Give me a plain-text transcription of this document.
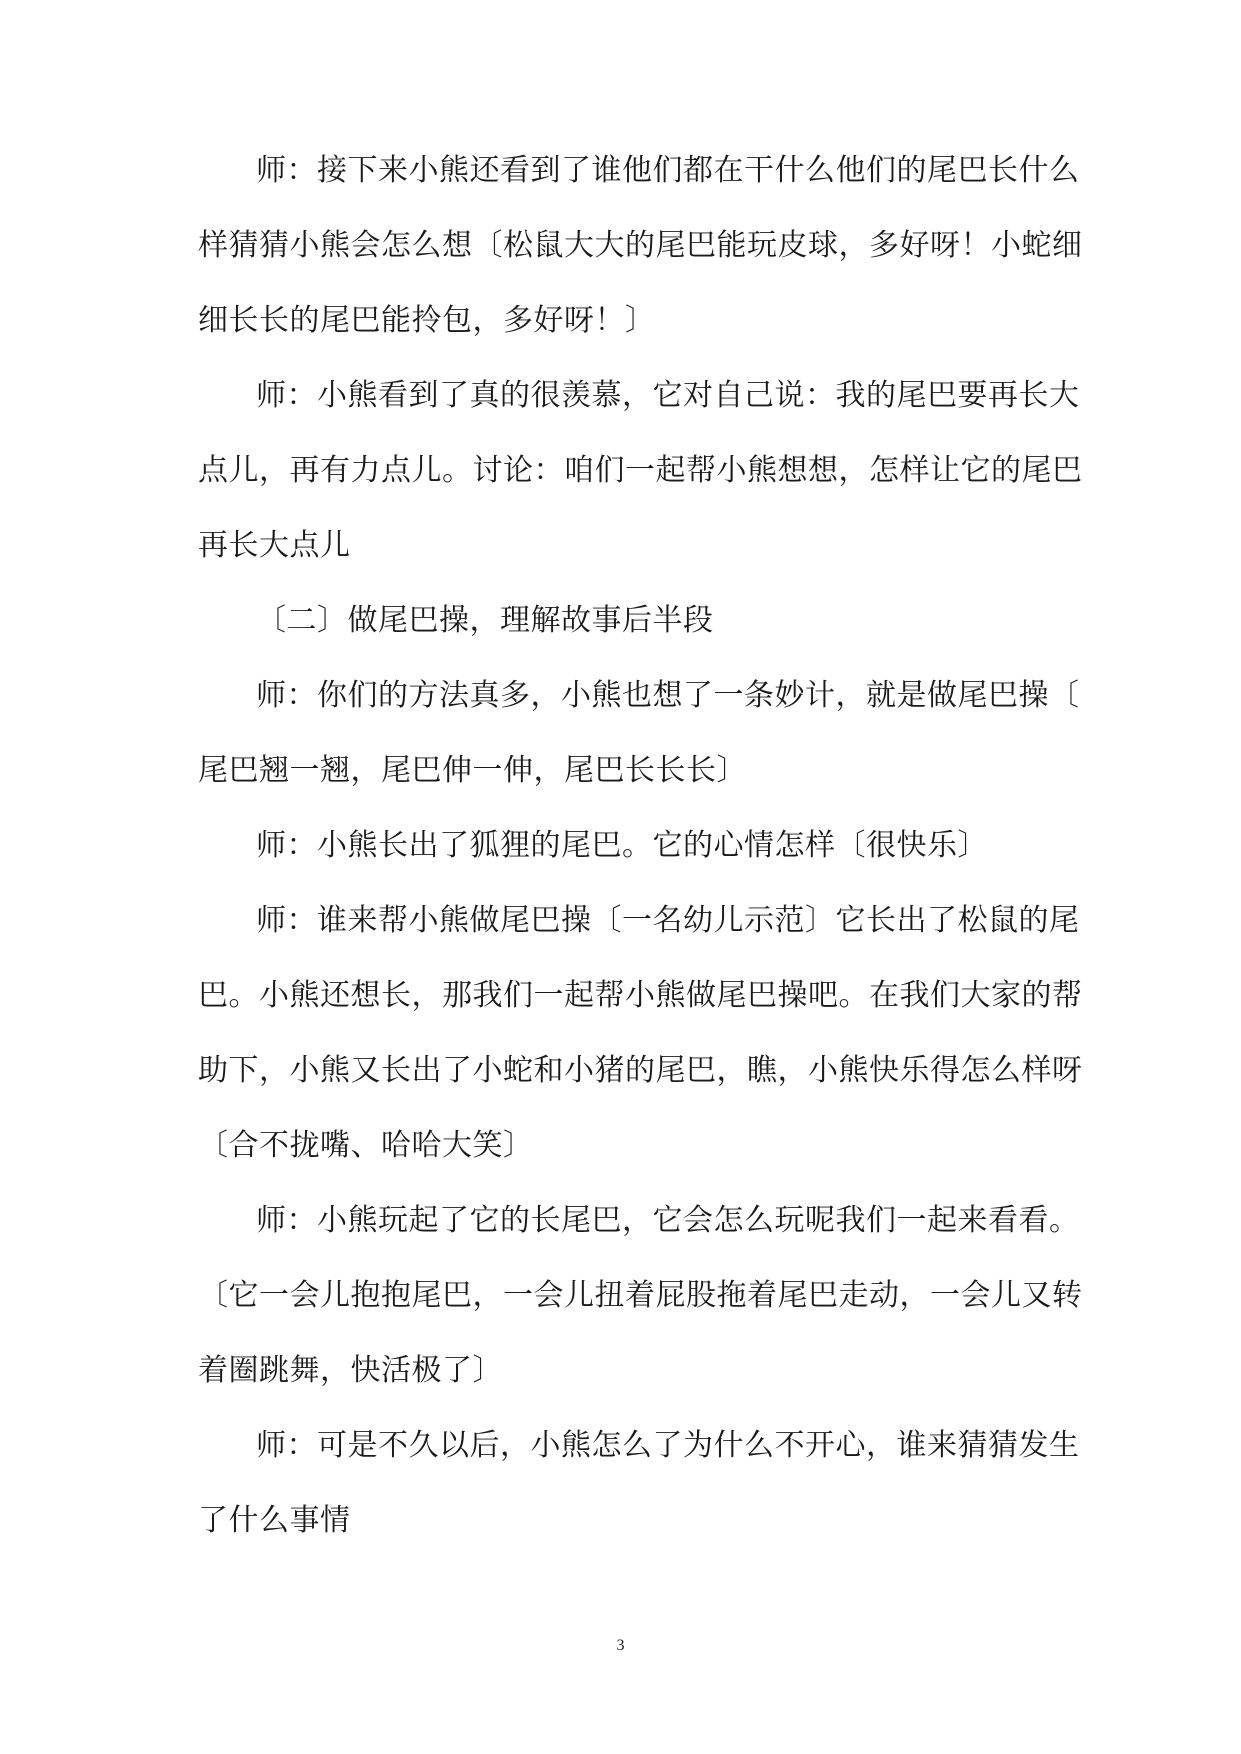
师：接下来小熊还看到了谁他们都在干什么他们的尾巴长什么
样猜猜小熊会怎么想〔松鼠大大的尾巴能玩皮球，多好呀！小蛇细
细长长的尾巴能拎包，多好呀！〕
师：小熊看到了真的很羡慕，它对自己说：我的尾巴要再长大
点儿，再有力点儿。讨论：咱们一起帮小熊想想，怎样让它的尾巴
再长大点儿
〔二〕做尾巴操，理解故事后半段
师：你们的方法真多，小熊也想了一条妙计，就是做尾巴操〔
尾巴翘一翘，尾巴伸一伸，尾巴长长长〕
师：小熊长出了狐狸的尾巴。它的心情怎样〔很快乐〕
师：谁来帮小熊做尾巴操〔一名幼儿示范〕它长出了松鼠的尾
巴。小熊还想长，那我们一起帮小熊做尾巴操吧。在我们大家的帮
助下，小熊又长出了小蛇和小猪的尾巴，瞧，小熊快乐得怎么样呀
〔合不拢嘴、哈哈大笑〕
师：小熊玩起了它的长尾巴，它会怎么玩呢我们一起来看看。
〔它一会儿抱抱尾巴，一会儿扭着屁股拖着尾巴走动，一会儿又转
着圈跳舞，快活极了〕
师：可是不久以后，小熊怎么了为什么不开心，谁来猜猜发生
了什么事情
3
